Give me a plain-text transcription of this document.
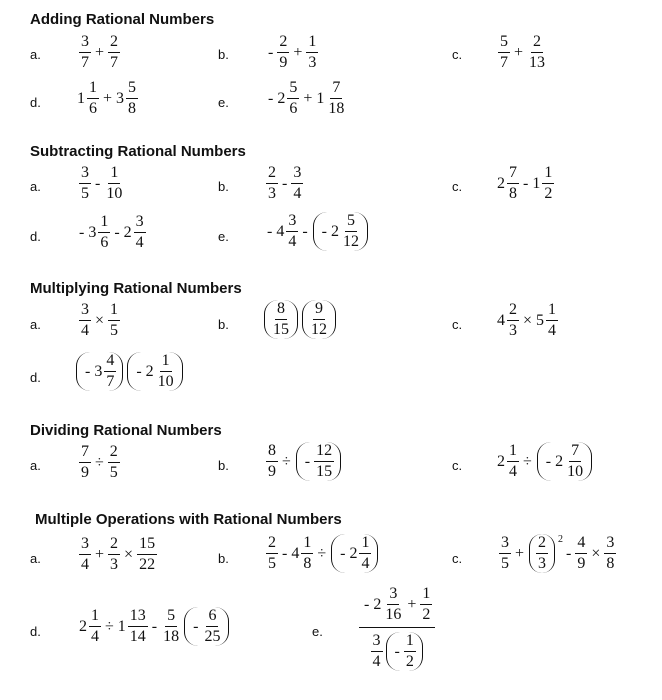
Adding Rational Numbers
a. $\frac{3}{7} + \frac{2}{7}$	b. - $\frac{2}{9} + \frac{1}{3}$	c. $\frac{5}{7} + \frac{2}{13}$
d. $1 \frac{1}{6} + 3 \frac{5}{8}$	e. - $2 \frac{5}{6} + 1 \frac{7}{18}$
Subtracting Rational Numbers
a. $\frac{3}{5} - \frac{1}{10}$	b. $\frac{2}{3} - \frac{3}{4}$	c. $2 \frac{7}{8} - 1 \frac{1}{2}$
d. - $3 \frac{1}{6} - 2 \frac{3}{4}$	e. - $4 \frac{3}{4}$ - - $2 \frac{5}{12}$
Multiplying Rational Numbers
a. $\frac{3}{4} \times \frac{1}{5}$	b.	$\frac{8}{15} \frac{9}{12}$	c. $4 \frac{2}{3} \times 5 \frac{1}{4}$
d.	- $3 \frac{4}{7} - 2 \frac{1}{10}$
Dividing Rational Numbers
a. $\frac{7}{9} \div \frac{2}{5}$	b. $\frac{8}{9}$ ÷ - $\frac{12}{15}$	c. $2 \frac{1}{4}$ ÷ - $2 \frac{7}{10}$
Multiple Operations with Rational Numbers
a. $\frac{3}{4} + \frac{2}{3} \times \frac{15}{22}$	b. $\frac{2}{5} - 4 \frac{1}{8}$ ÷ - $2 \frac{1}{4}$	c. $\frac{3}{5} + \frac{2}{3} 2$
- $\frac{4}{9} \times \frac{3}{8}$
d. $2 \frac{1}{4} \div 1 \frac{13}{14} - \frac{5}{18} - \frac{6}{25}$	e. $\frac{- 2 \frac{3}{16} + \frac{1}{2}}{\frac{3}{4} - \frac{1}{2}}$
